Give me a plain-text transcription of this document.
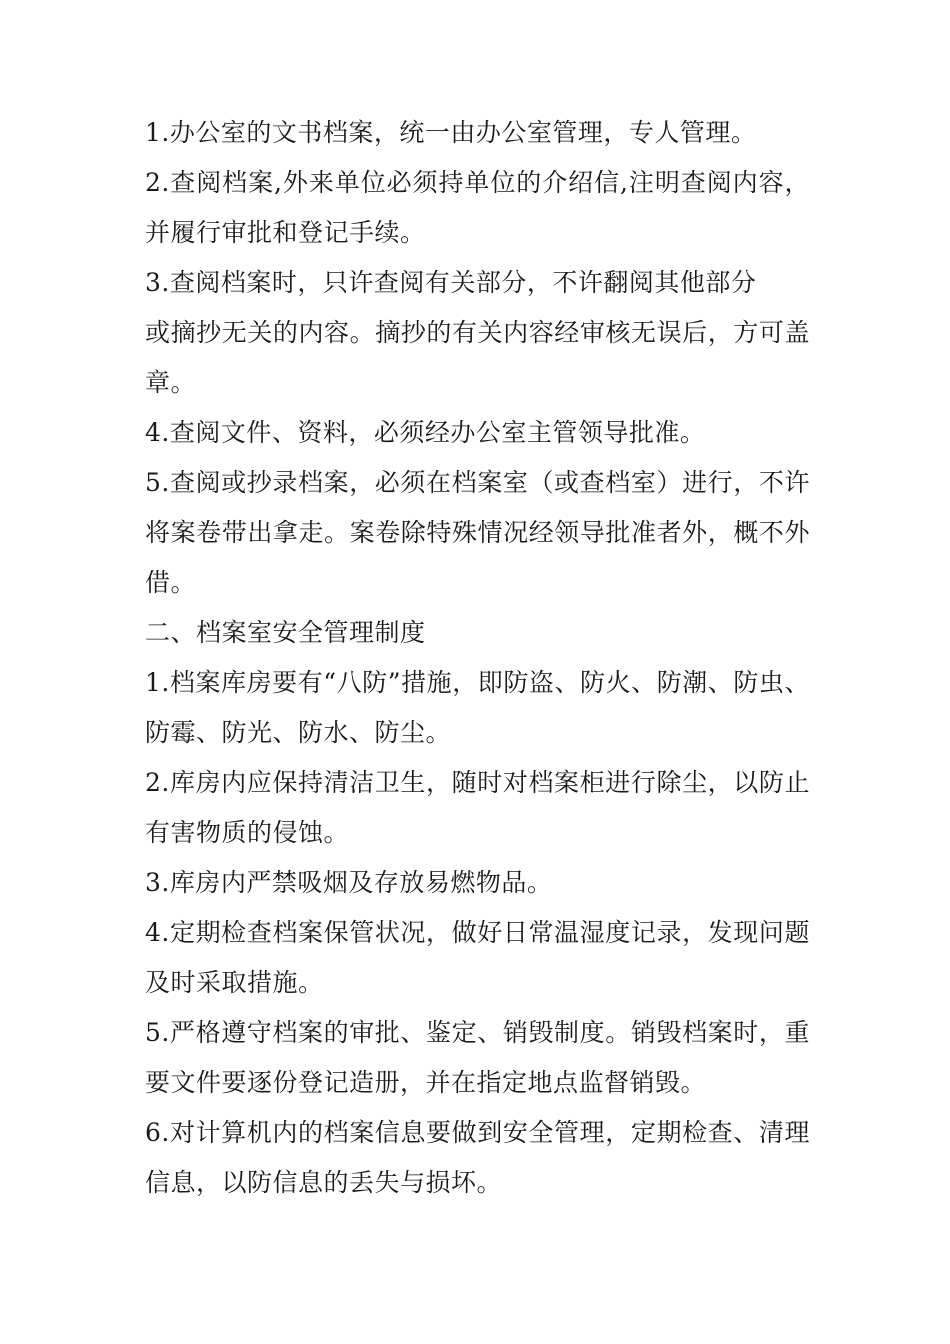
1.办公室的文书档案，统一由办公室管理，专人管理。

2.查阅档案,外来单位必须持单位的介绍信,注明查阅内容，并履行审批和登记手续。

3.查阅档案时，只许查阅有关部分，不许翻阅其他部分

或摘抄无关的内容。摘抄的有关内容经审核无误后，方可盖章。

4.查阅文件、资料，必须经办公室主管领导批准。

5.查阅或抄录档案，必须在档案室（或查档室）进行，不许将案卷带出拿走。案卷除特殊情况经领导批准者外，概不外借。

二、档案室安全管理制度

1.档案库房要有“八防”措施，即防盗、防火、防潮、防虫、防霉、防光、防水、防尘。

2.库房内应保持清洁卫生，随时对档案柜进行除尘，以防止有害物质的侵蚀。

3.库房内严禁吸烟及存放易燃物品。

4.定期检查档案保管状况，做好日常温湿度记录，发现问题及时采取措施。

5.严格遵守档案的审批、鉴定、销毁制度。销毁档案时，重要文件要逐份登记造册，并在指定地点监督销毁。

6.对计算机内的档案信息要做到安全管理，定期检查、清理信息，以防信息的丢失与损坏。
